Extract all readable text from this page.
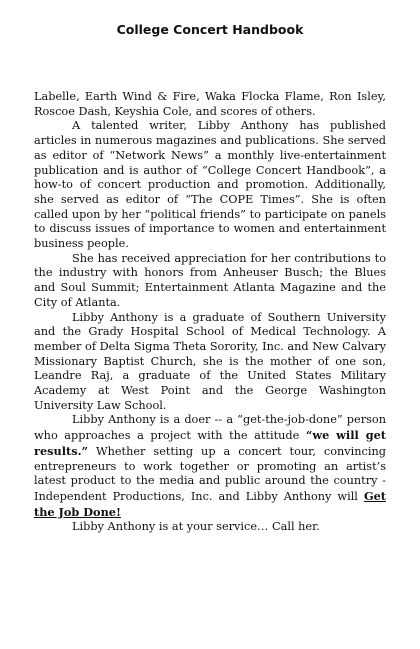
College Concert Handbook

Labelle, Earth Wind & Fire, Waka Flocka Flame, Ron Isley, Roscoe Dash, Keyshia Cole, and scores of others.

A talented writer, Libby Anthony has published articles in numerous magazines and publications. She served as editor of “Network News” a monthly live-entertainment publication and is author of “College Concert Handbook”, a how-to of concert production and promotion. Additionally, she served as editor of “The COPE Times”. She is often called upon by her “political friends” to participate on panels to discuss issues of importance to women and entertainment business people.

She has received appreciation for her contributions to the industry with honors from Anheuser Busch; the Blues and Soul Summit; Entertainment Atlanta Magazine and the City of Atlanta.

Libby Anthony is a graduate of Southern University and the Grady Hospital School of Medical Technology. A member of Delta Sigma Theta Sorority, Inc. and New Calvary Missionary Baptist Church, she is the mother of one son, Leandre Raj, a graduate of the United States Military Academy at West Point and the George Washington University Law School.

Libby Anthony is a doer -- a “get-the-job-done” person who approaches a project with the attitude “we will get results.” Whether setting up a concert tour, convincing entrepreneurs to work together or promoting an artist’s latest product to the media and public around the country - Independent Productions, Inc. and Libby Anthony will Get the Job Done!

Libby Anthony is at your service… Call her.
